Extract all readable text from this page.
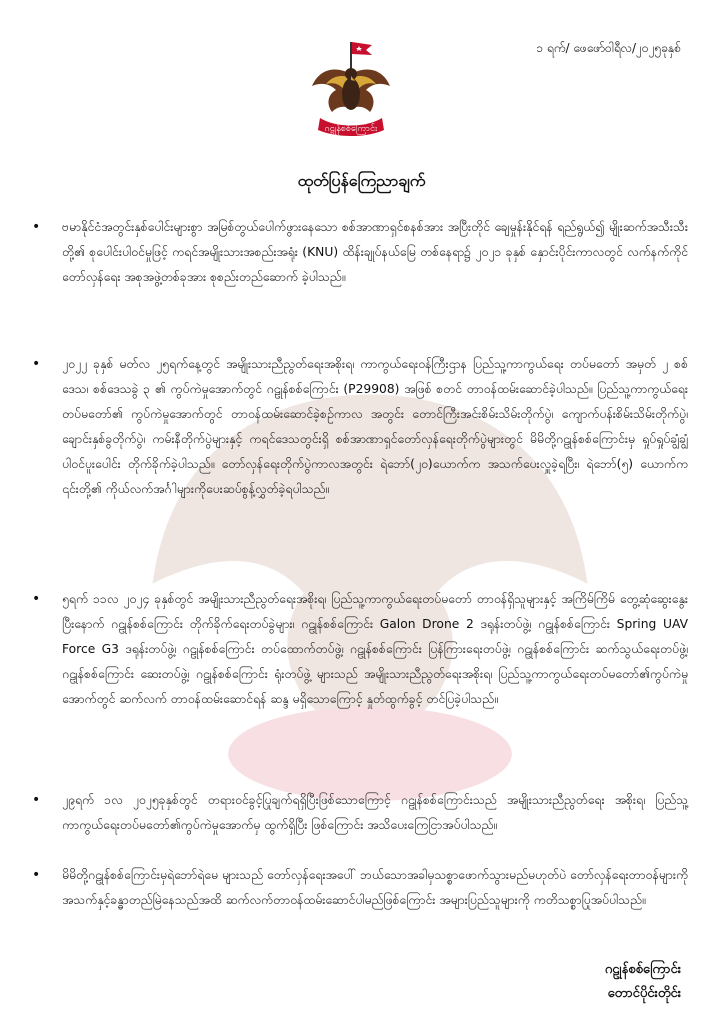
၁ ရက်/ ဖေဖော်ဝါရီလ/၂၀၂၅ခုနှစ်
ဂဠုန်စစ်ကြောင်း
ထုတ်ပြန်ကြေညာချက်
• ဗမာနိုင်ငံအတွင်းနှစ်ပေါင်းများစွာ အမြစ်တွယ်ပေါက်ဖွားနေသော စစ်အာဏာရှင်စနစ်အား အပြီးတိုင် ချေမှုန်းနိုင်ရန် ရည်ရွယ်၍ မျိုးဆက်အသီးသီးတို့၏ စုပေါင်းပါဝင်မှုဖြင့် ကရင်အမျိုးသားအစည်းအရုံး (KNU) ထိန်းချုပ်နယ်မြေ တစ်နေရာ၌ ၂၀၂၁ ခုနှစ် နှောင်းပိုင်းကာလတွင် လက်နက်ကိုင်တော်လှန်ရေး အစုအဖွဲ့တစ်ခုအား စုစည်းတည်ဆောက် ခဲ့ပါသည်။
• ၂၀၂၂ ခုနှစ် မတ်လ ၂၅ရက်နေ့တွင် အမျိုးသားညီညွတ်ရေးအစိုးရ၊ ကာကွယ်ရေးဝန်ကြီးဌာန ပြည်သူ့ကာကွယ်ရေး တပ်မတော် အမှတ် ၂ စစ်ဒေသ၊ စစ်ဒေသခွဲ ၃ ၏ ကွပ်ကဲမှုအောက်တွင် ဂဠုန်စစ်ကြောင်း (P29908) အဖြစ် စတင် တာဝန်ထမ်းဆောင်ခဲ့ပါသည်။ ပြည်သူ့ကာကွယ်ရေးတပ်မတော်၏ ကွပ်ကဲမှုအောက်တွင် တာဝန်ထမ်းဆောင်ခဲ့စဉ်ကာလ အတွင်း တောင်ကြီးအင်းစိမ်းသိမ်းတိုက်ပွဲ၊ ကျောက်ပန်းစိမ်းသိမ်းတိုက်ပွဲ၊ ချောင်းနှစ်ခွတိုက်ပွဲ၊ ကမ်းနီတိုက်ပွဲများနှင့် ကရင်ဒေသတွင်းရှိ စစ်အာဏာရှင်တော်လှန်ရေးတိုက်ပွဲများတွင် မိမိတို့ဂဠုန်စစ်ကြောင်းမှ ရှုပ်ရှုပ်ချွံချွံ ပါဝင်ပူးပေါင်း တိုက်ခိုက်ခဲ့ပါသည်။ တော်လှန်ရေးတိုက်ပွဲကာလအတွင်း ရဲဘော်(၂၀)ယောက်က အသက်ပေးလှူခဲ့ရပြီး၊ ရဲဘော်(၅) ယောက်က ၎င်းတို့၏ ကိုယ်လက်အင်္ဂါများကိုပေးဆပ်စွန့်လွှတ်ခဲ့ရပါသည်။
• ၅ရက် ၁၁လ ၂၀၂၄ ခုနှစ်တွင် အမျိုးသားညီညွတ်ရေးအစိုးရ၊ ပြည်သူ့ကာကွယ်ရေးတပ်မတော် တာဝန်ရှိသူများနှင့် အကြိမ်ကြိမ် တွေ့ဆုံဆွေးနွေးပြီးနောက် ဂဠုန်စစ်ကြောင်း တိုက်ခိုက်ရေးတပ်ခွဲများ၊ ဂဠုန်စစ်ကြောင်း Galon Drone 2 ဒရုန်းတပ်ဖွဲ့၊ ဂဠုန်စစ်ကြောင်း Spring UAV Force G3 ဒရုန်းတပ်ဖွဲ့၊ ဂဠုန်စစ်ကြောင်း တပ်ထောက်တပ်ဖွဲ့၊ ဂဠုန်စစ်ကြောင်း ပြန်ကြားရေးတပ်ဖွဲ့၊ ဂဠုန်စစ်ကြောင်း ဆက်သွယ်ရေးတပ်ဖွဲ့၊ ဂဠုန်စစ်ကြောင်း ဆေးတပ်ဖွဲ့၊ ဂဠုန်စစ်ကြောင်း ရုံးတပ်ဖွဲ့ များသည် အမျိုးသားညီညွတ်ရေးအစိုးရ၊ ပြည်သူ့ကာကွယ်ရေးတပ်မတော်၏ကွပ်ကဲမှု အောက်တွင် ဆက်လက် တာဝန်ထမ်းဆောင်ရန် ဆန္ဒ မရှိသောကြောင့် နှုတ်ထွက်ခွင့် တင်ပြခဲ့ပါသည်။
• ၂၉ရက် ၁လ ၂၀၂၅ခုနှစ်တွင် တရားဝင်ခွင့်ပြုချက်ရရှိပြီးဖြစ်သောကြောင့် ဂဠုန်စစ်ကြောင်းသည် အမျိုးသားညီညွတ်ရေး အစိုးရ၊ ပြည်သူ့ကာကွယ်ရေးတပ်မတော်၏ကွပ်ကဲမှုအောက်မှ ထွက်ရှိပြီး ဖြစ်ကြောင်း အသိပေးကြေငြာအပ်ပါသည်။
• မိမိတို့ဂဠုန်စစ်ကြောင်းမှရဲဘော်ရဲမေ များသည် တော်လှန်ရေးအပေါ် ဘယ်သောအခါမှသစ္စာဖောက်သွားမည်မဟုတ်ပဲ တော်လှန်ရေးတာဝန်များကို အသက်နှင့်ခန္ဓာတည်မြဲနေသည်အထိ ဆက်လက်တာဝန်ထမ်းဆောင်ပါမည်ဖြစ်ကြောင်း အများပြည်သူများကို ကတိသစ္စာပြုအပ်ပါသည်။
ဂဠုန်စစ်ကြောင်း
တောင်ပိုင်းတိုင်း
